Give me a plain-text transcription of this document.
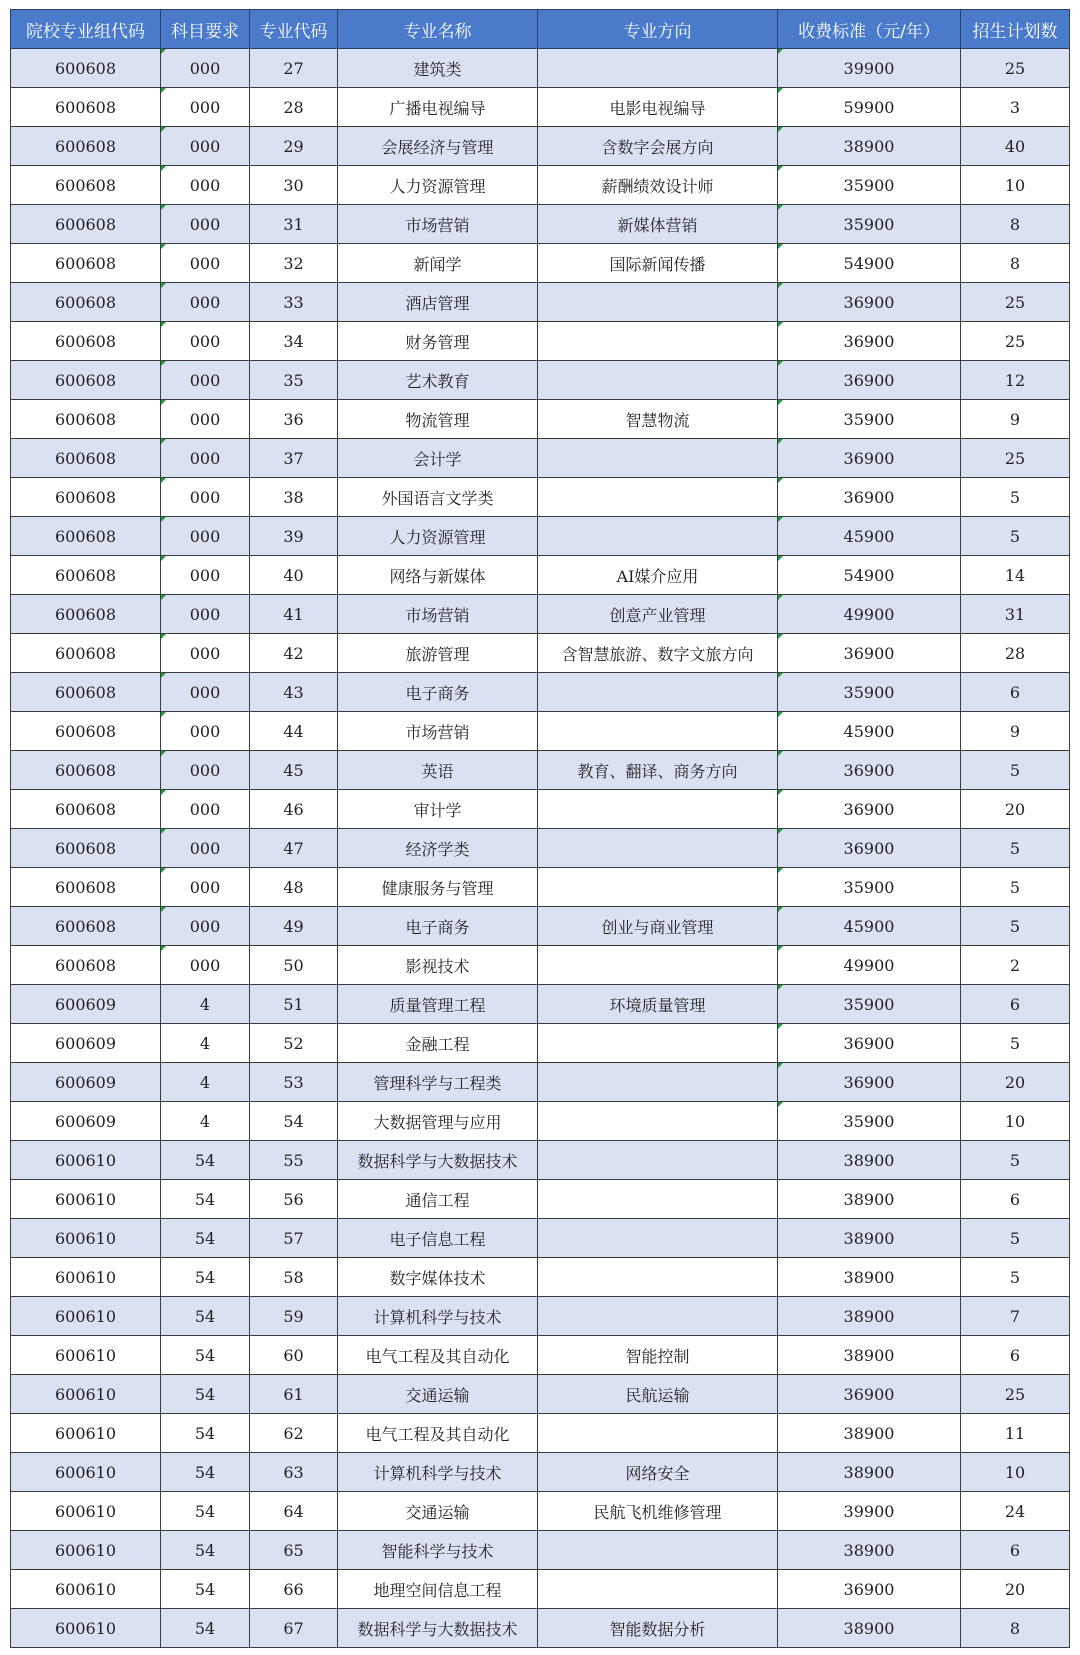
院校专业组代码	科目要求	专业代码	专业名称	专业方向	收费标准（元/年）	招生计划数
600608	000	27	建筑类		39900	25
600608	000	28	广播电视编导	电影电视编导	59900	3
600608	000	29	会展经济与管理	含数字会展方向	38900	40
600608	000	30	人力资源管理	薪酬绩效设计师	35900	10
600608	000	31	市场营销	新媒体营销	35900	8
600608	000	32	新闻学	国际新闻传播	54900	8
600608	000	33	酒店管理		36900	25
600608	000	34	财务管理		36900	25
600608	000	35	艺术教育		36900	12
600608	000	36	物流管理	智慧物流	35900	9
600608	000	37	会计学		36900	25
600608	000	38	外国语言文学类		36900	5
600608	000	39	人力资源管理		45900	5
600608	000	40	网络与新媒体	AI媒介应用	54900	14
600608	000	41	市场营销	创意产业管理	49900	31
600608	000	42	旅游管理	含智慧旅游、数字文旅方向	36900	28
600608	000	43	电子商务		35900	6
600608	000	44	市场营销		45900	9
600608	000	45	英语	教育、翻译、商务方向	36900	5
600608	000	46	审计学		36900	20
600608	000	47	经济学类		36900	5
600608	000	48	健康服务与管理		35900	5
600608	000	49	电子商务	创业与商业管理	45900	5
600608	000	50	影视技术		49900	2
600609	4	51	质量管理工程	环境质量管理	35900	6
600609	4	52	金融工程		36900	5
600609	4	53	管理科学与工程类		36900	20
600609	4	54	大数据管理与应用		35900	10
600610	54	55	数据科学与大数据技术		38900	5
600610	54	56	通信工程		38900	6
600610	54	57	电子信息工程		38900	5
600610	54	58	数字媒体技术		38900	5
600610	54	59	计算机科学与技术		38900	7
600610	54	60	电气工程及其自动化	智能控制	38900	6
600610	54	61	交通运输	民航运输	36900	25
600610	54	62	电气工程及其自动化		38900	11
600610	54	63	计算机科学与技术	网络安全	38900	10
600610	54	64	交通运输	民航飞机维修管理	39900	24
600610	54	65	智能科学与技术		38900	6
600610	54	66	地理空间信息工程		36900	20
600610	54	67	数据科学与大数据技术	智能数据分析	38900	8
